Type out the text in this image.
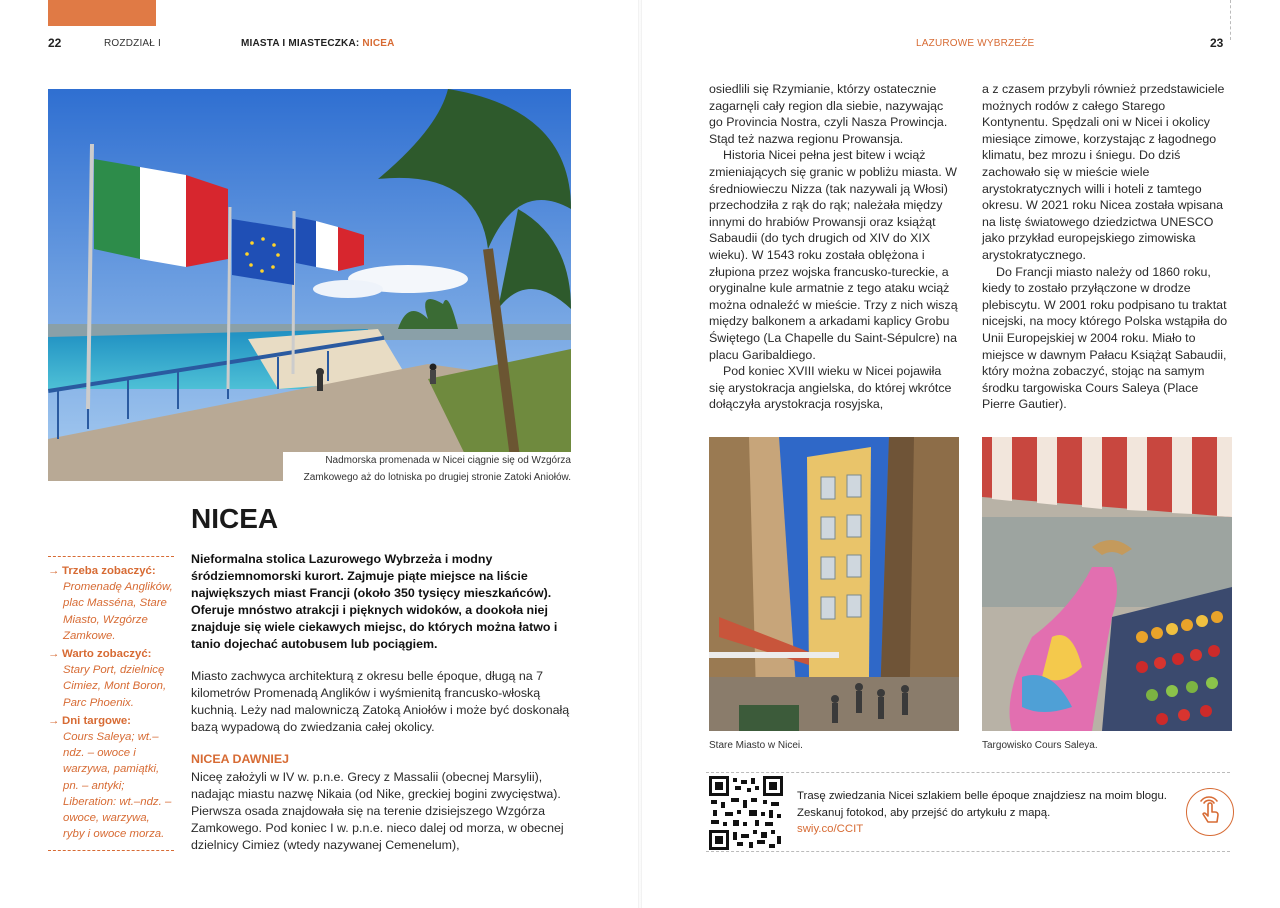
22	ROZDZIAŁ I	MIASTA I MIASTECZKA: NICEA	LAZUROWE WYBRZEŻE	23
Nadmorska promenada w Nicei ciągnie się od Wzgórza
Zamkowego aż do lotniska po drugiej stronie Zatoki Aniołów.
NICEA
→ Trzeba zobaczyć:
Promenadę Anglików, plac Masséna, Stare Miasto, Wzgórze Zamkowe.
→ Warto zobaczyć:
Stary Port, dzielnicę Cimiez, Mont Boron, Parc Phoenix.
→ Dni targowe:
Cours Saleya; wt.–ndz. – owoce i warzywa, pamiątki, pn. – antyki; Liberation: wt.–ndz. – owoce, warzywa, ryby i owoce morza.
Nieformalna stolica Lazurowego Wybrzeża i modny śródziemnomorski kurort. Zajmuje piąte miejsce na liście największych miast Francji (około 350 tysięcy mieszkańców). Oferuje mnóstwo atrakcji i pięknych widoków, a dookoła niej znajduje się wiele ciekawych miejsc, do których można łatwo i tanio dojechać autobusem lub pociągiem.
Miasto zachwyca architekturą z okresu belle époque, długą na 7 kilometrów Promenadą Anglików i wyśmienitą francusko-włoską kuchnią. Leży nad malowniczą Zatoką Aniołów i może być doskonałą bazą wypadową do zwiedzania całej okolicy.
NICEA DAWNIEJ
Niceę założyli w IV w. p.n.e. Grecy z Massalii (obecnej Marsylii), nadając miastu nazwę Nikaia (od Nike, greckiej bogini zwycięstwa). Pierwsza osada znajdowała się na terenie dzisiejszego Wzgórza Zamkowego. Pod koniec I w. p.n.e. nieco dalej od morza, w obecnej dzielnicy Cimiez (wtedy nazywanej Cemenelum),

osiedlili się Rzymianie, którzy ostatecznie zagarnęli cały region dla siebie, nazywając go Provincia Nostra, czyli Nasza Prowincja. Stąd też nazwa regionu Prowansja.

Historia Nicei pełna jest bitew i wciąż zmieniających się granic w pobliżu miasta. W średniowieczu Nizza (tak nazywali ją Włosi) przechodziła z rąk do rąk; należała między innymi do hrabiów Prowansji oraz książąt Sabaudii (do tych drugich od XIV do XIX wieku). W 1543 roku została oblężona i złupiona przez wojska francusko-tureckie, a oryginalne kule armatnie z tego ataku wciąż można odnaleźć w mieście. Trzy z nich wiszą między balkonem a arkadami kaplicy Grobu Świętego (La Chapelle du Saint-Sépulcre) na placu Garibaldiego.

Pod koniec XVIII wieku w Nicei pojawiła się arystokracja angielska, do której wkrótce dołączyła arystokracja rosyjska,

a z czasem przybyli również przedstawiciele możnych rodów z całego Starego Kontynentu. Spędzali oni w Nicei i okolicy miesiące zimowe, korzystając z łagodnego klimatu, bez mrozu i śniegu. Do dziś zachowało się w mieście wiele arystokratycznych willi i hoteli z tamtego okresu. W 2021 roku Nicea została wpisana na listę światowego dziedzictwa UNESCO jako przykład europejskiego zimowiska arystokratycznego.

Do Francji miasto należy od 1860 roku, kiedy to zostało przyłączone w drodze plebiscytu. W 2001 roku podpisano tu traktat nicejski, na mocy którego Polska wstąpiła do Unii Europejskiej w 2004 roku. Miało to miejsce w dawnym Pałacu Książąt Sabaudii, który można zobaczyć, stojąc na samym środku targowiska Cours Saleya (Place Pierre Gautier).

Stare Miasto w Nicei.	Targowisko Cours Saleya.
Trasę zwiedzania Nicei szlakiem belle époque znajdziesz na moim blogu.
Zeskanuj fotokod, aby przejść do artykułu z mapą.
swiy.co/CCIT
